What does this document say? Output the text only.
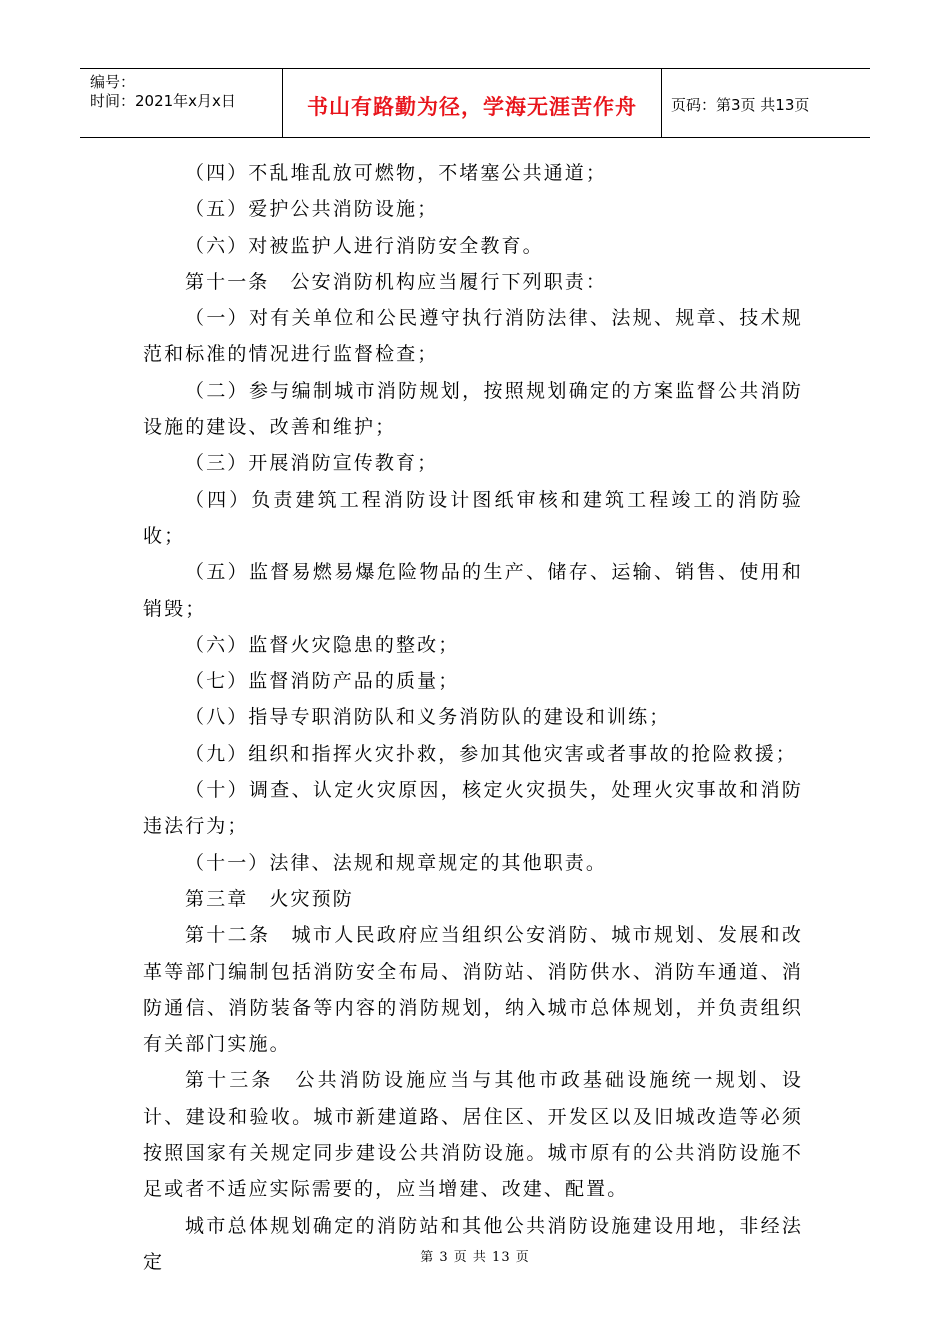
编号：
时间：2021年x月x日	书山有路勤为径，学海无涯苦作舟	页码：第3页 共13页

（四）不乱堆乱放可燃物，不堵塞公共通道；

（五）爱护公共消防设施；

（六）对被监护人进行消防安全教育。

第十一条　公安消防机构应当履行下列职责：

（一）对有关单位和公民遵守执行消防法律、法规、规章、技术规范和标准的情况进行监督检查；

（二）参与编制城市消防规划，按照规划确定的方案监督公共消防设施的建设、改善和维护；

（三）开展消防宣传教育；

（四）负责建筑工程消防设计图纸审核和建筑工程竣工的消防验收；

（五）监督易燃易爆危险物品的生产、储存、运输、销售、使用和销毁；

（六）监督火灾隐患的整改；

（七）监督消防产品的质量；

（八）指导专职消防队和义务消防队的建设和训练；

（九）组织和指挥火灾扑救，参加其他灾害或者事故的抢险救援；

（十）调查、认定火灾原因，核定火灾损失，处理火灾事故和消防违法行为；

（十一）法律、法规和规章规定的其他职责。

第三章　火灾预防

第十二条　城市人民政府应当组织公安消防、城市规划、发展和改革等部门编制包括消防安全布局、消防站、消防供水、消防车通道、消防通信、消防装备等内容的消防规划，纳入城市总体规划，并负责组织有关部门实施。

第十三条　公共消防设施应当与其他市政基础设施统一规划、设计、建设和验收。城市新建道路、居住区、开发区以及旧城改造等必须按照国家有关规定同步建设公共消防设施。城市原有的公共消防设施不足或者不适应实际需要的，应当增建、改建、配置。

城市总体规划确定的消防站和其他公共消防设施建设用地，非经法定	第 3 页 共 13 页
